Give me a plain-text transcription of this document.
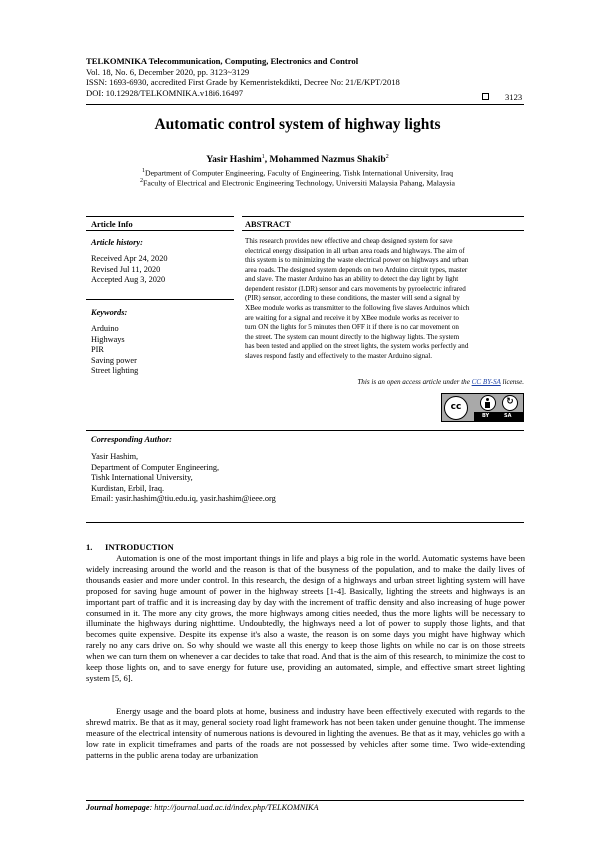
TELKOMNIKA Telecommunication, Computing, Electronics and Control
Vol. 18, No. 6, December 2020, pp. 3123~3129
ISSN: 1693-6930, accredited First Grade by Kemenristekdikti, Decree No: 21/E/KPT/2018
DOI: 10.12928/TELKOMNIKA.v18i6.16497	3123
Automatic control system of highway lights
Yasir Hashim$^1$, Mohammed Nazmus Shakib$^2$
$^1$Department of Computer Engineering, Faculty of Engineering, Tishk International University, Iraq
$^2$Faculty of Electrical and Electronic Engineering Technology, Universiti Malaysia Pahang, Malaysia
Article Info
Article history:
Received Apr 24, 2020
Revised Jul 11, 2020
Accepted Aug 3, 2020
Keywords:
Arduino
Highways
PIR
Saving power
Street lighting
ABSTRACT
This research provides new effective and cheap designed system for save
electrical energy dissipation in all urban area roads and highways. The aim of
this system is to minimizing the waste electrical power on highways and urban
area roads. The designed system depends on two Arduino circuit types, master
and slave. The master Arduino has an ability to detect the day light by light
dependent resistor (LDR) sensor and cars movements by pyroelectric infrared
(PIR) sensor, according to these conditions, the master will send a signal by
XBee module works as transmitter to the following five slaves Arduinos which
are waiting for a signal and receive it by XBee module works as receiver to
turn ON the lights for 5 minutes then OFF it if there is no car movement on
the street. The system can mount directly to the highway lights. The system
has been tested and applied on the street lights, the system works perfectly and
slaves respond fastly and effectively to the master Arduino signal.
This is an open access article under the CC BY-SA license.
cc	↻
BY	SA
Corresponding Author:
Yasir Hashim,
Department of Computer Engineering,
Tishk International University,
Kurdistan, Erbil, Iraq.
Email: yasir.hashim@tiu.edu.iq, yasir.hashim@ieee.org
1. INTRODUCTION
Automation is one of the most important things in life and plays a big role in the world. Automatic systems have been widely increasing around the world and the reason is that of the busyness of the population, and to make the daily lives of thousands easier and more under control. In this research, the design of a highways and urban street lighting system will have proposed for saving huge amount of power in the highway streets [1-4]. Basically, lighting the streets and highways is an important part of traffic and it is increasing day by day with the increment of traffic density and also increasing of huge power consumed in it. The more any city grows, the more highways among cities needed, thus the more lights will be necessary to illuminate the highways during nighttime. Undoubtedly, the highways need a lot of power to supply those lights, and that becomes quite expensive. Despite its expense it's also a waste, the reason is on some days you might have highway which rarely no any cars drive on. So why should we waste all this energy to keep those lights on while no car is on those streets when we can turn them on whenever a car decides to take that road. And that is the aim of this research, to minimize the cost to keep those lights on, and to save energy for future use, providing an automated, simple, and effective smart street lighting system [5, 6].
Energy usage and the board plots at home, business and industry have been effectively executed with regards to the shrewd matrix. Be that as it may, general society road light framework has not been taken under genuine thought. The immense measure of the electrical intensity of numerous nations is devoured in lighting the avenues. Be that as it may, vehicles go with a low rate in explicit timeframes and parts of the roads are not possessed by vehicles after some time. Two wide-extending patterns in the public arena today are urbanization
Journal homepage: http://journal.uad.ac.id/index.php/TELKOMNIKA
